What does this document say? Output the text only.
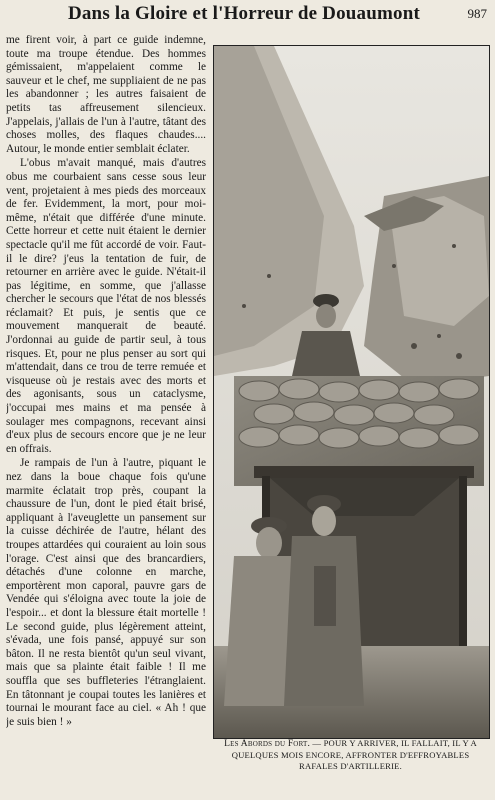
Dans la Gloire et l'Horreur de Douaumont	987

me firent voir, à part ce guide indemne, toute ma troupe étendue. Des hommes gémissaient, m'appelaient comme le sauveur et le chef, me suppliaient de ne pas les abandonner ; les autres faisaient de petits tas affreusement silencieux. J'appelais, j'allais de l'un à l'autre, tâtant des choses molles, des flaques chaudes.... Autour, le monde entier semblait éclater.

L'obus m'avait manqué, mais d'autres obus me courbaient sans cesse sous leur vent, projetaient à mes pieds des morceaux de fer. Evidemment, la mort, pour moi-même, n'était que différée d'une minute. Cette horreur et cette nuit étaient le dernier spectacle qu'il me fût accordé de voir. Faut-il le dire? j'eus la tentation de fuir, de retourner en arrière avec le guide. N'était-il pas légitime, en somme, que j'allasse chercher le secours que l'état de nos blessés réclamait? Et puis, je sentis que ce mouvement manquerait de beauté. J'ordonnai au guide de partir seul, à tous risques. Et, pour ne plus penser au sort qui m'attendait, dans ce trou de terre remuée et visqueuse où je restais avec des morts et des agonisants, sous un cataclysme, j'occupai mes mains et ma pensée à soulager mes compagnons, recevant ainsi d'eux plus de secours encore que je ne leur en offrais.

Je rampais de l'un à l'autre, piquant le nez dans la boue chaque fois qu'une marmite éclatait trop près, coupant la chaussure de l'un, dont le pied était brisé, appliquant à l'aveuglette un pansement sur la cuisse déchirée de l'autre, hélant des troupes attardées qui couraient au loin sous l'orage. C'est ainsi que des brancardiers, détachés d'une colonne en marche, emportèrent mon caporal, pauvre gars de Vendée qui s'éloigna avec toute la joie de l'espoir... et dont la blessure était mortelle ! Le second guide, plus légèrement atteint, s'évada, une fois pansé, appuyé sur son bâton. Il ne resta bientôt qu'un seul vivant, mais que sa plainte était faible ! Il me souffla que ses buffleteries l'étranglaient. En tâtonnant je coupai toutes les lanières et tournai le mourant face au ciel. « Ah ! que je suis bien ! »

Les Abords du Fort. — POUR Y ARRIVER, IL FALLAIT, IL Y A QUELQUES MOIS ENCORE, AFFRONTER D'EFFROYABLES RAFALES D'ARTILLERIE.
